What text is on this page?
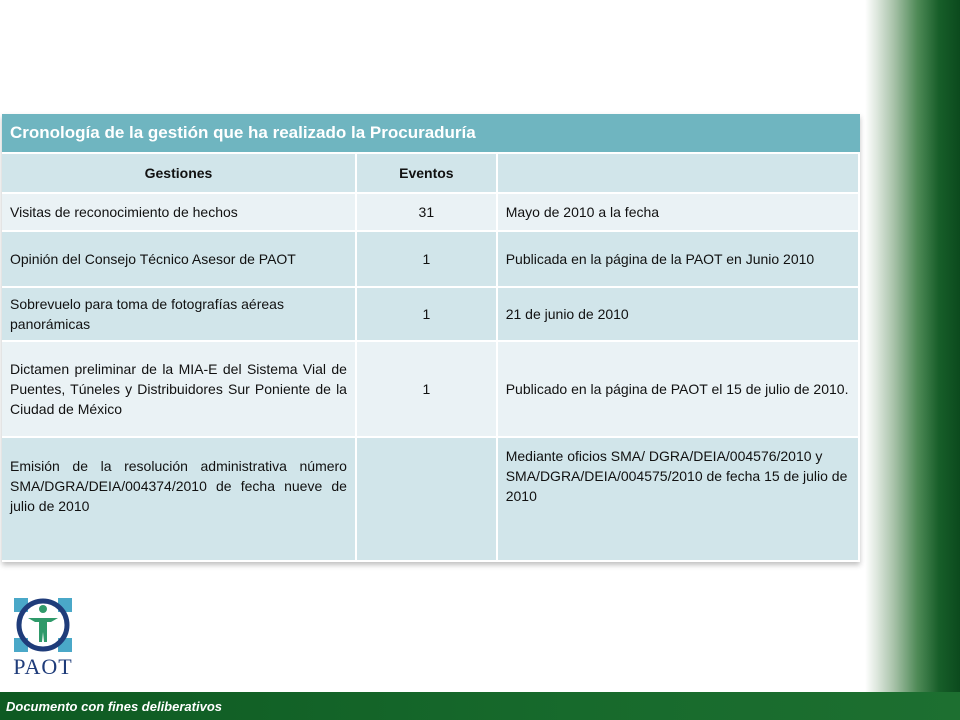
Cronología de la gestión que ha realizado la Procuraduría
Gestiones	Eventos	
Visitas de reconocimiento de hechos	31	Mayo de 2010 a la fecha
Opinión del Consejo Técnico Asesor de PAOT	1	Publicada en la página de la PAOT en Junio 2010
Sobrevuelo para toma de fotografías aéreas panorámicas	1	21 de junio de 2010
Dictamen preliminar de la MIA-E del Sistema Vial de Puentes, Túneles y Distribuidores Sur Poniente de la Ciudad de México	1	Publicado en la página de PAOT el 15 de julio de 2010.
Emisión de la resolución administrativa número SMA/DGRA/DEIA/004374/2010 de fecha nueve de julio de 2010		Mediante oficios SMA/ DGRA/DEIA/004576/2010 y SMA/DGRA/DEIA/004575/2010 de fecha 15 de julio de 2010
PAOT
Documento con fines deliberativos
